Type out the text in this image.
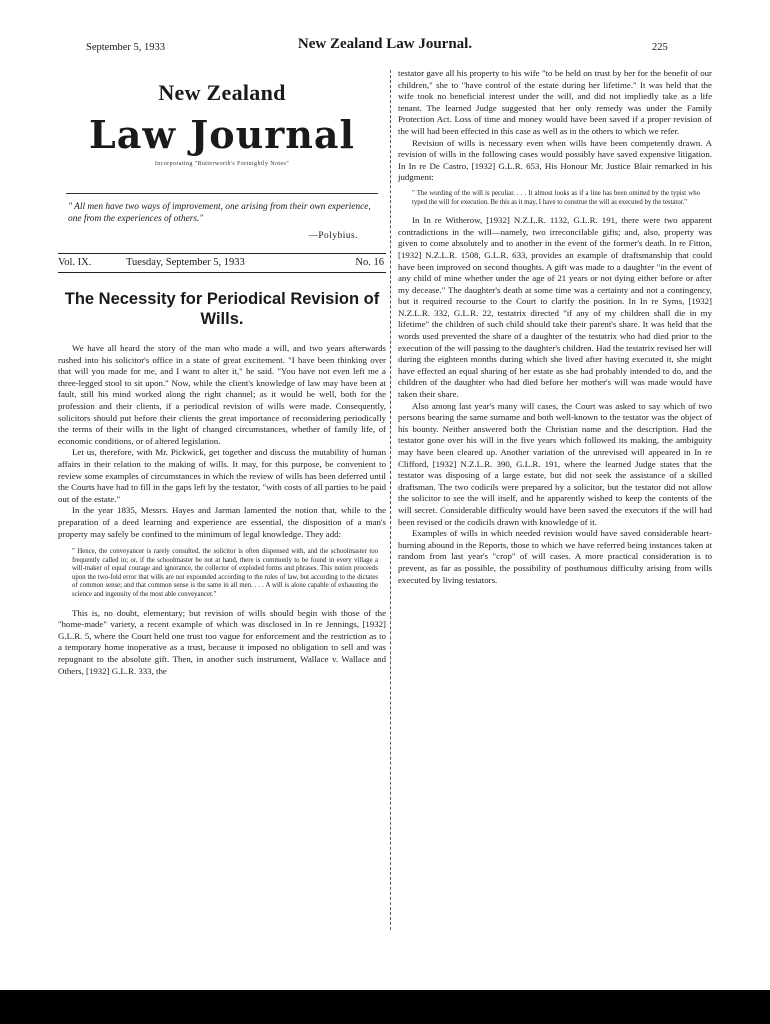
September 5, 1933	New Zealand Law Journal.	225
New Zealand
Law Journal
Incorporating "Butterworth's Fortnightly Notes"
" All men have two ways of improvement, one arising from their own experience, one from the experiences of others."
—Polybius.
Vol. IX.	Tuesday, September 5, 1933	No. 16
The Necessity for Periodical Revision of Wills.

We have all heard the story of the man who made a will, and two years afterwards rushed into his solicitor's office in a state of great excitement. "I have been thinking over that will you made for me, and I want to alter it," he said. "You have not even left me a three-legged stool to sit upon." Now, while the client's knowledge of law may have been at fault, still his mind worked along the right channel; as it would be well, both for the profession and their clients, if a periodical revision of wills were made. Consequently, solicitors should put before their clients the great importance of reconsidering periodically the terms of their wills in the light of changed circumstances, whether of family life, of economic conditions, or of altered legislation.

Let us, therefore, with Mr. Pickwick, get together and discuss the mutability of human affairs in their relation to the making of wills. It may, for this purpose, be convenient to review some examples of circumstances in which the review of wills has been deferred until the Courts have had to fill in the gaps left by the testator, "with costs of all parties to be paid out of the estate."

In the year 1835, Messrs. Hayes and Jarman lamented the notion that, while to the preparation of a deed learning and experience are essential, the disposition of a man's property may safely be confined to the minimum of legal knowledge. They add:

" Hence, the conveyancer is rarely consulted, the solicitor is often dispensed with, and the schoolmaster too frequently called in; or, if the schoolmaster be not at hand, there is commonly to be found in every village a will-maker of equal courage and ignorance, the collector of exploded forms and phrases. This notion proceeds upon the two-fold error that wills are not expounded according to the rules of law, but according to the dictates of common sense; and that common sense is the same in all men. . . . A will is alone capable of exhausting the science and ingenuity of the most able conveyancer."

This is, no doubt, elementary; but revision of wills should begin with those of the "home-made" variety, a recent example of which was disclosed in In re Jennings, [1932] G.L.R. 5, where the Court held one trust too vague for enforcement and the restriction as to a temporary home inoperative as a trust, because it imposed no obligation to sell and was repugnant to the absolute gift. Then, in another such instrument, Wallace v. Wallace and Others, [1932] G.L.R. 333, the

testator gave all his property to his wife "to be held on trust by her for the benefit of our children," she to "have control of the estate during her lifetime." It was held that the wife took no beneficial interest under the will, and did not impliedly take as a life tenant. The learned Judge suggested that her only remedy was under the Family Protection Act. Loss of time and money would have been saved if a proper revision of the will had been effected in this case as well as in the others to which we refer.

Revision of wills is necessary even when wills have been competently drawn. A revision of wills in the following cases would possibly have saved expensive litigation. In In re De Castro, [1932] G.L.R. 653, His Honour Mr. Justice Blair remarked in his judgment:

" The wording of the will is peculiar. . . . It almost looks as if a line has been omitted by the typist who typed the will for execution. Be this as it may, I have to construe the will as executed by the testator."

In In re Witherow, [1932] N.Z.L.R. 1132, G.L.R. 191, there were two apparent contradictions in the will—namely, two irreconcilable gifts; and, also, property was given to come absolutely and to another in the event of the former's death. In re Fitton, [1932] N.Z.L.R. 1508, G.L.R. 633, provides an example of draftsmanship that could have been improved on second thoughts. A gift was made to a daughter "in the event of any child of mine whether under the age of 21 years or not dying either before or after my decease." The daughter's death at some time was a certainty and not a contingency, but it required recourse to the Court to clarify the position. In In re Syms, [1932] N.Z.L.R. 332, G.L.R. 22, testatrix directed "if any of my children shall die in my lifetime" the children of such child should take their parent's share. It was held that the words used prevented the share of a daughter of the testatrix who had died prior to the execution of the will passing to the daughter's children. Had the testatrix revised her will during the eighteen months during which she lived after having executed it, she might have effected an equal sharing of her estate as she had probably intended to do, and the children of the daughter who had died before her mother's will was made would have taken their share.

Also among last year's many will cases, the Court was asked to say which of two persons bearing the same surname and both well-known to the testator was the object of his bounty. Neither answered both the Christian name and the description. Had the testator gone over his will in the five years which followed its making, the ambiguity may have been cleared up. Another variation of the unrevised will appeared in In re Clifford, [1932] N.Z.L.R. 390, G.L.R. 191, where the learned Judge states that the testator was disposing of a large estate, but did not seek the assistance of a skilled draftsman. The two codicils were prepared by a solicitor, but the testator did not allow the solicitor to see the will itself, and he apparently wished to keep the contents of the will secret. Considerable difficulty would have been saved the executors if the will had been revised or the codicils drawn with knowledge of it.

Examples of wills in which needed revision would have saved considerable heart-burning abound in the Reports, those to which we have referred being instances taken at random from last year's "crop" of will cases. A more practical consideration is to prevent, as far as possible, the possibility of posthumous difficulty arising from wills executed by living testators.
